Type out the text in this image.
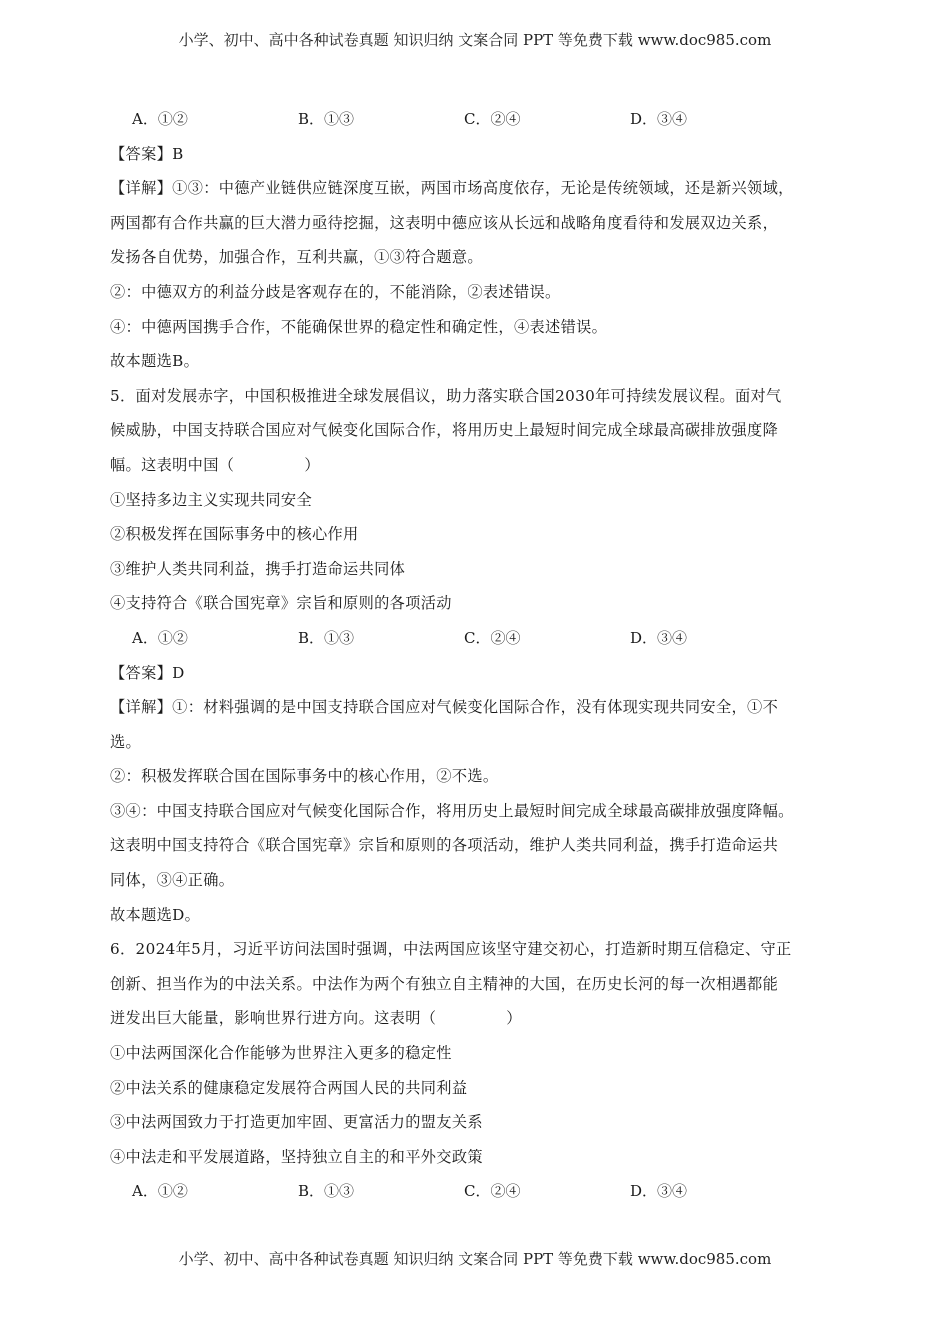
小学、初中、高中各种试卷真题 知识归纳 文案合同 PPT 等免费下载 www.doc985.com
A．①②	B．①③	C．②④	D．③④
【答案】B
【详解】①③：中德产业链供应链深度互嵌，两国市场高度依存，无论是传统领域，还是新兴领域，
两国都有合作共赢的巨大潜力亟待挖掘，这表明中德应该从长远和战略角度看待和发展双边关系，
发扬各自优势，加强合作，互利共赢，①③符合题意。
②：中德双方的利益分歧是客观存在的，不能消除，②表述错误。
④：中德两国携手合作，不能确保世界的稳定性和确定性，④表述错误。
故本题选B。
5．面对发展赤字，中国积极推进全球发展倡议，助力落实联合国2030年可持续发展议程。面对气
候威胁，中国支持联合国应对气候变化国际合作，将用历史上最短时间完成全球最高碳排放强度降
幅。这表明中国（	）
①坚持多边主义实现共同安全
②积极发挥在国际事务中的核心作用
③维护人类共同利益，携手打造命运共同体
④支持符合《联合国宪章》宗旨和原则的各项活动
A．①②	B．①③	C．②④	D．③④
【答案】D
【详解】①：材料强调的是中国支持联合国应对气候变化国际合作，没有体现实现共同安全，①不
选。
②：积极发挥联合国在国际事务中的核心作用，②不选。
③④：中国支持联合国应对气候变化国际合作，将用历史上最短时间完成全球最高碳排放强度降幅。
这表明中国支持符合《联合国宪章》宗旨和原则的各项活动，维护人类共同利益，携手打造命运共
同体，③④正确。
故本题选D。
6．2024年5月，习近平访问法国时强调，中法两国应该坚守建交初心，打造新时期互信稳定、守正
创新、担当作为的中法关系。中法作为两个有独立自主精神的大国，在历史长河的每一次相遇都能
迸发出巨大能量，影响世界行进方向。这表明（	）
①中法两国深化合作能够为世界注入更多的稳定性
②中法关系的健康稳定发展符合两国人民的共同利益
③中法两国致力于打造更加牢固、更富活力的盟友关系
④中法走和平发展道路，坚持独立自主的和平外交政策
A．①②	B．①③	C．②④	D．③④
小学、初中、高中各种试卷真题 知识归纳 文案合同 PPT 等免费下载 www.doc985.com
